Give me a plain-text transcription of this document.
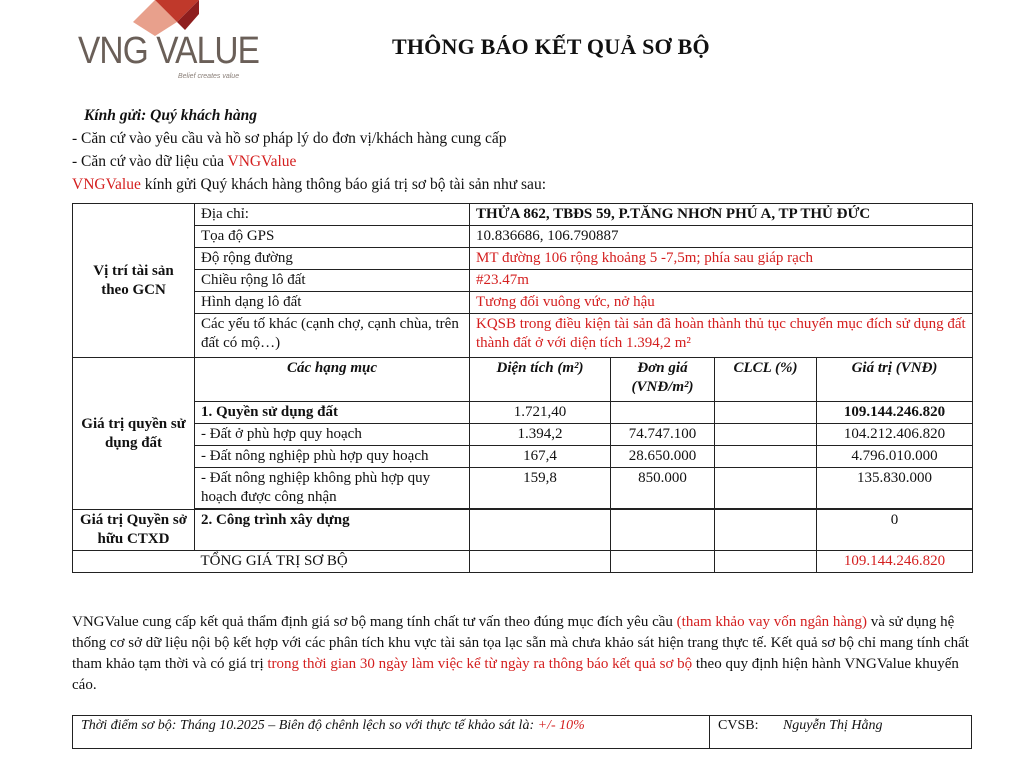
VNG VALUE
Belief creates value
THÔNG BÁO KẾT QUẢ SƠ BỘ
Kính gửi: Quý khách hàng
- Căn cứ vào yêu cầu và hồ sơ pháp lý do đơn vị/khách hàng cung cấp
- Căn cứ vào dữ liệu của VNGValue
VNGValue kính gửi Quý khách hàng thông báo giá trị sơ bộ tài sản như sau:
Vị trí tài sản theo GCN	Địa chỉ:	THỬA 862, TBĐS 59, P.TĂNG NHƠN PHÚ A, TP THỦ ĐỨC			
	Tọa độ GPS	10.836686, 106.790887			
	Độ rộng đường	MT đường 106 rộng khoảng 5 -7,5m; phía sau giáp rạch			
	Chiều rộng lô đất	#23.47m			
	Hình dạng lô đất	Tương đối vuông vức, nở hậu			
	Các yếu tố khác (cạnh chợ, cạnh chùa, trên đất có mộ…)	KQSB trong điều kiện tài sản đã hoàn thành thủ tục chuyển mục đích sử dụng đất thành đất ở với diện tích 1.394,2 m²			
Giá trị quyền sử dụng đất	Các hạng mục	Diện tích (m²)	Đơn giá (VNĐ/m²)	CLCL (%)	Giá trị (VNĐ)
	1. Quyền sử dụng đất	1.721,40			109.144.246.820
	- Đất ở phù hợp quy hoạch	1.394,2	74.747.100		104.212.406.820
	- Đất nông nghiệp phù hợp quy hoạch	167,4	28.650.000		4.796.010.000
	- Đất nông nghiệp không phù hợp quy hoạch được công nhận	159,8	850.000		135.830.000

Giá trị Quyền sở hữu CTXD	2. Công trình xây dựng				0
	TỔNG GIÁ TRỊ SƠ BỘ				109.144.246.820
VNGValue cung cấp kết quả thẩm định giá sơ bộ mang tính chất tư vấn theo đúng mục đích yêu cầu (tham khảo vay vốn ngân hàng) và sử dụng hệ thống cơ sở dữ liệu nội bộ kết hợp với các phân tích khu vực tài sản tọa lạc sẵn mà chưa khảo sát hiện trang thực tế. Kết quả sơ bộ chỉ mang tính chất tham khảo tạm thời và có giá trị trong thời gian 30 ngày làm việc kể từ ngày ra thông báo kết quả sơ bộ theo quy định hiện hành VNGValue khuyến cáo.
Thời điểm sơ bộ: Tháng 10.2025 – Biên độ chênh lệch so với thực tế khảo sát là: +/- 10%	CVSB: Nguyễn Thị Hằng
